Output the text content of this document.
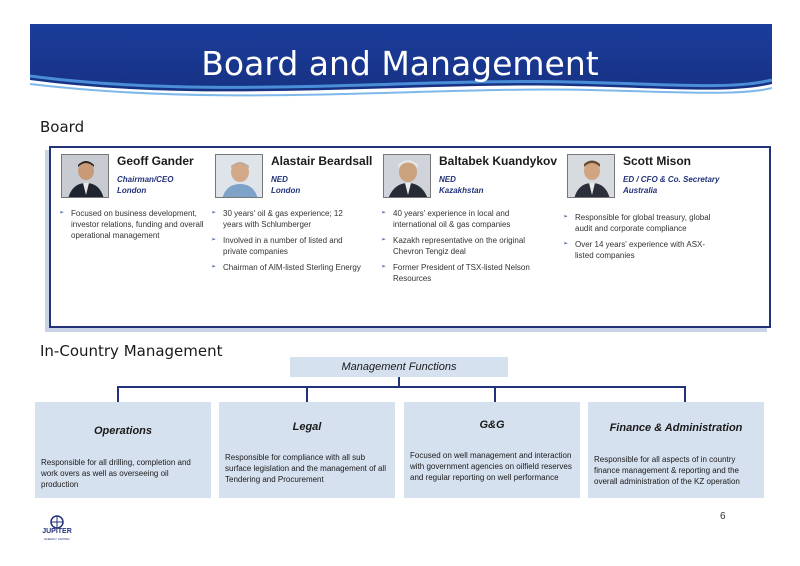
Board and Management
Board
Geoff Gander
Chairman/CEO
London
➢ Focused on business development, investor relations, funding and overall operational management
Alastair Beardsall
NED
London
➢ 30 years' oil & gas experience; 12 years with Schlumberger
➢ Involved in a number of listed and private companies
➢ Chairman of AIM-listed Sterling Energy
Baltabek Kuandykov
NED
Kazakhstan
➢ 40 years' experience in local and international oil & gas companies
➢ Kazakh representative on the original Chevron Tengiz deal
➢ Former President of TSX-listed Nelson Resources
Scott Mison
ED / CFO & Co. Secretary
Australia
➢ Responsible for global treasury, global audit and corporate compliance
➢ Over 14 years' experience with ASX-listed companies
In-Country Management
Management Functions
Operations
Responsible for all drilling, completion and work overs as well as overseeing oil production
Legal
Responsible for compliance with all sub surface legislation and the management of all Tendering and Procurement
G&G
Focused on well management and interaction with government agencies on oilfield reserves and regular reporting on well performance
Finance & Administration
Responsible for all aspects of in country finance management & reporting and the overall administration of the KZ operation
JUPITER
ENERGY LIMITED
6
